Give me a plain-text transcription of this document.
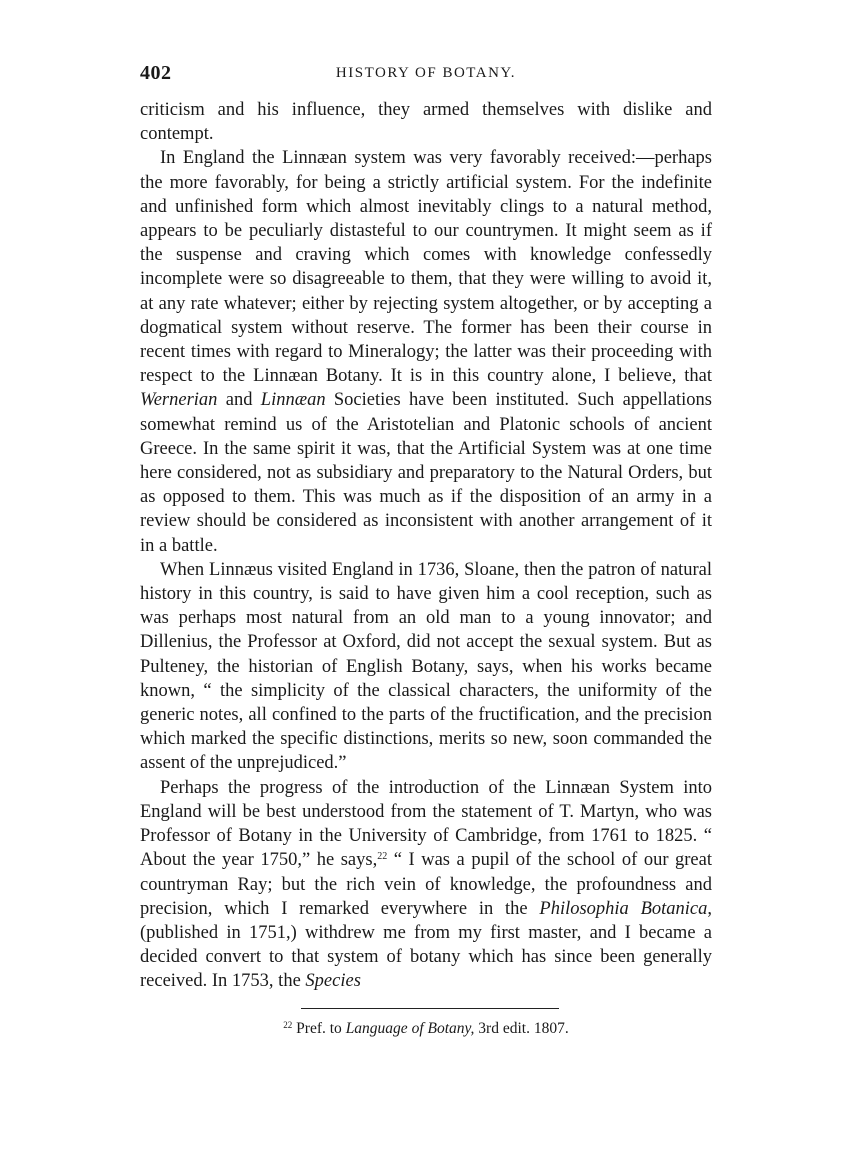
402	HISTORY OF BOTANY.

criticism and his influence, they armed themselves with dislike and contempt.

In England the Linnæan system was very favorably received:—perhaps the more favorably, for being a strictly artificial system. For the indefinite and unfinished form which almost inevitably clings to a natural method, appears to be peculiarly distasteful to our countrymen. It might seem as if the suspense and craving which comes with knowledge confessedly incomplete were so disagreeable to them, that they were willing to avoid it, at any rate whatever; either by rejecting system altogether, or by accepting a dogmatical system without reserve. The former has been their course in recent times with regard to Mineralogy; the latter was their proceeding with respect to the Linnæan Botany. It is in this country alone, I believe, that Wernerian and Linnæan Societies have been instituted. Such appellations somewhat remind us of the Aristotelian and Platonic schools of ancient Greece. In the same spirit it was, that the Artificial System was at one time here considered, not as subsidiary and preparatory to the Natural Orders, but as opposed to them. This was much as if the disposition of an army in a review should be considered as inconsistent with another arrangement of it in a battle.

When Linnæus visited England in 1736, Sloane, then the patron of natural history in this country, is said to have given him a cool reception, such as was perhaps most natural from an old man to a young innovator; and Dillenius, the Professor at Oxford, did not accept the sexual system. But as Pulteney, the historian of English Botany, says, when his works became known, “ the simplicity of the classical characters, the uniformity of the generic notes, all confined to the parts of the fructification, and the precision which marked the specific distinctions, merits so new, soon commanded the assent of the unprejudiced.”

Perhaps the progress of the introduction of the Linnæan System into England will be best understood from the statement of T. Martyn, who was Professor of Botany in the University of Cambridge, from 1761 to 1825. “ About the year 1750,” he says,$^{22}$ “ I was a pupil of the school of our great countryman Ray; but the rich vein of knowledge, the profoundness and precision, which I remarked everywhere in the Philosophia Botanica, (published in 1751,) withdrew me from my first master, and I became a decided convert to that system of botany which has since been generally received. In 1753, the Species

$^{22}$ Pref. to Language of Botany, 3rd edit. 1807.
